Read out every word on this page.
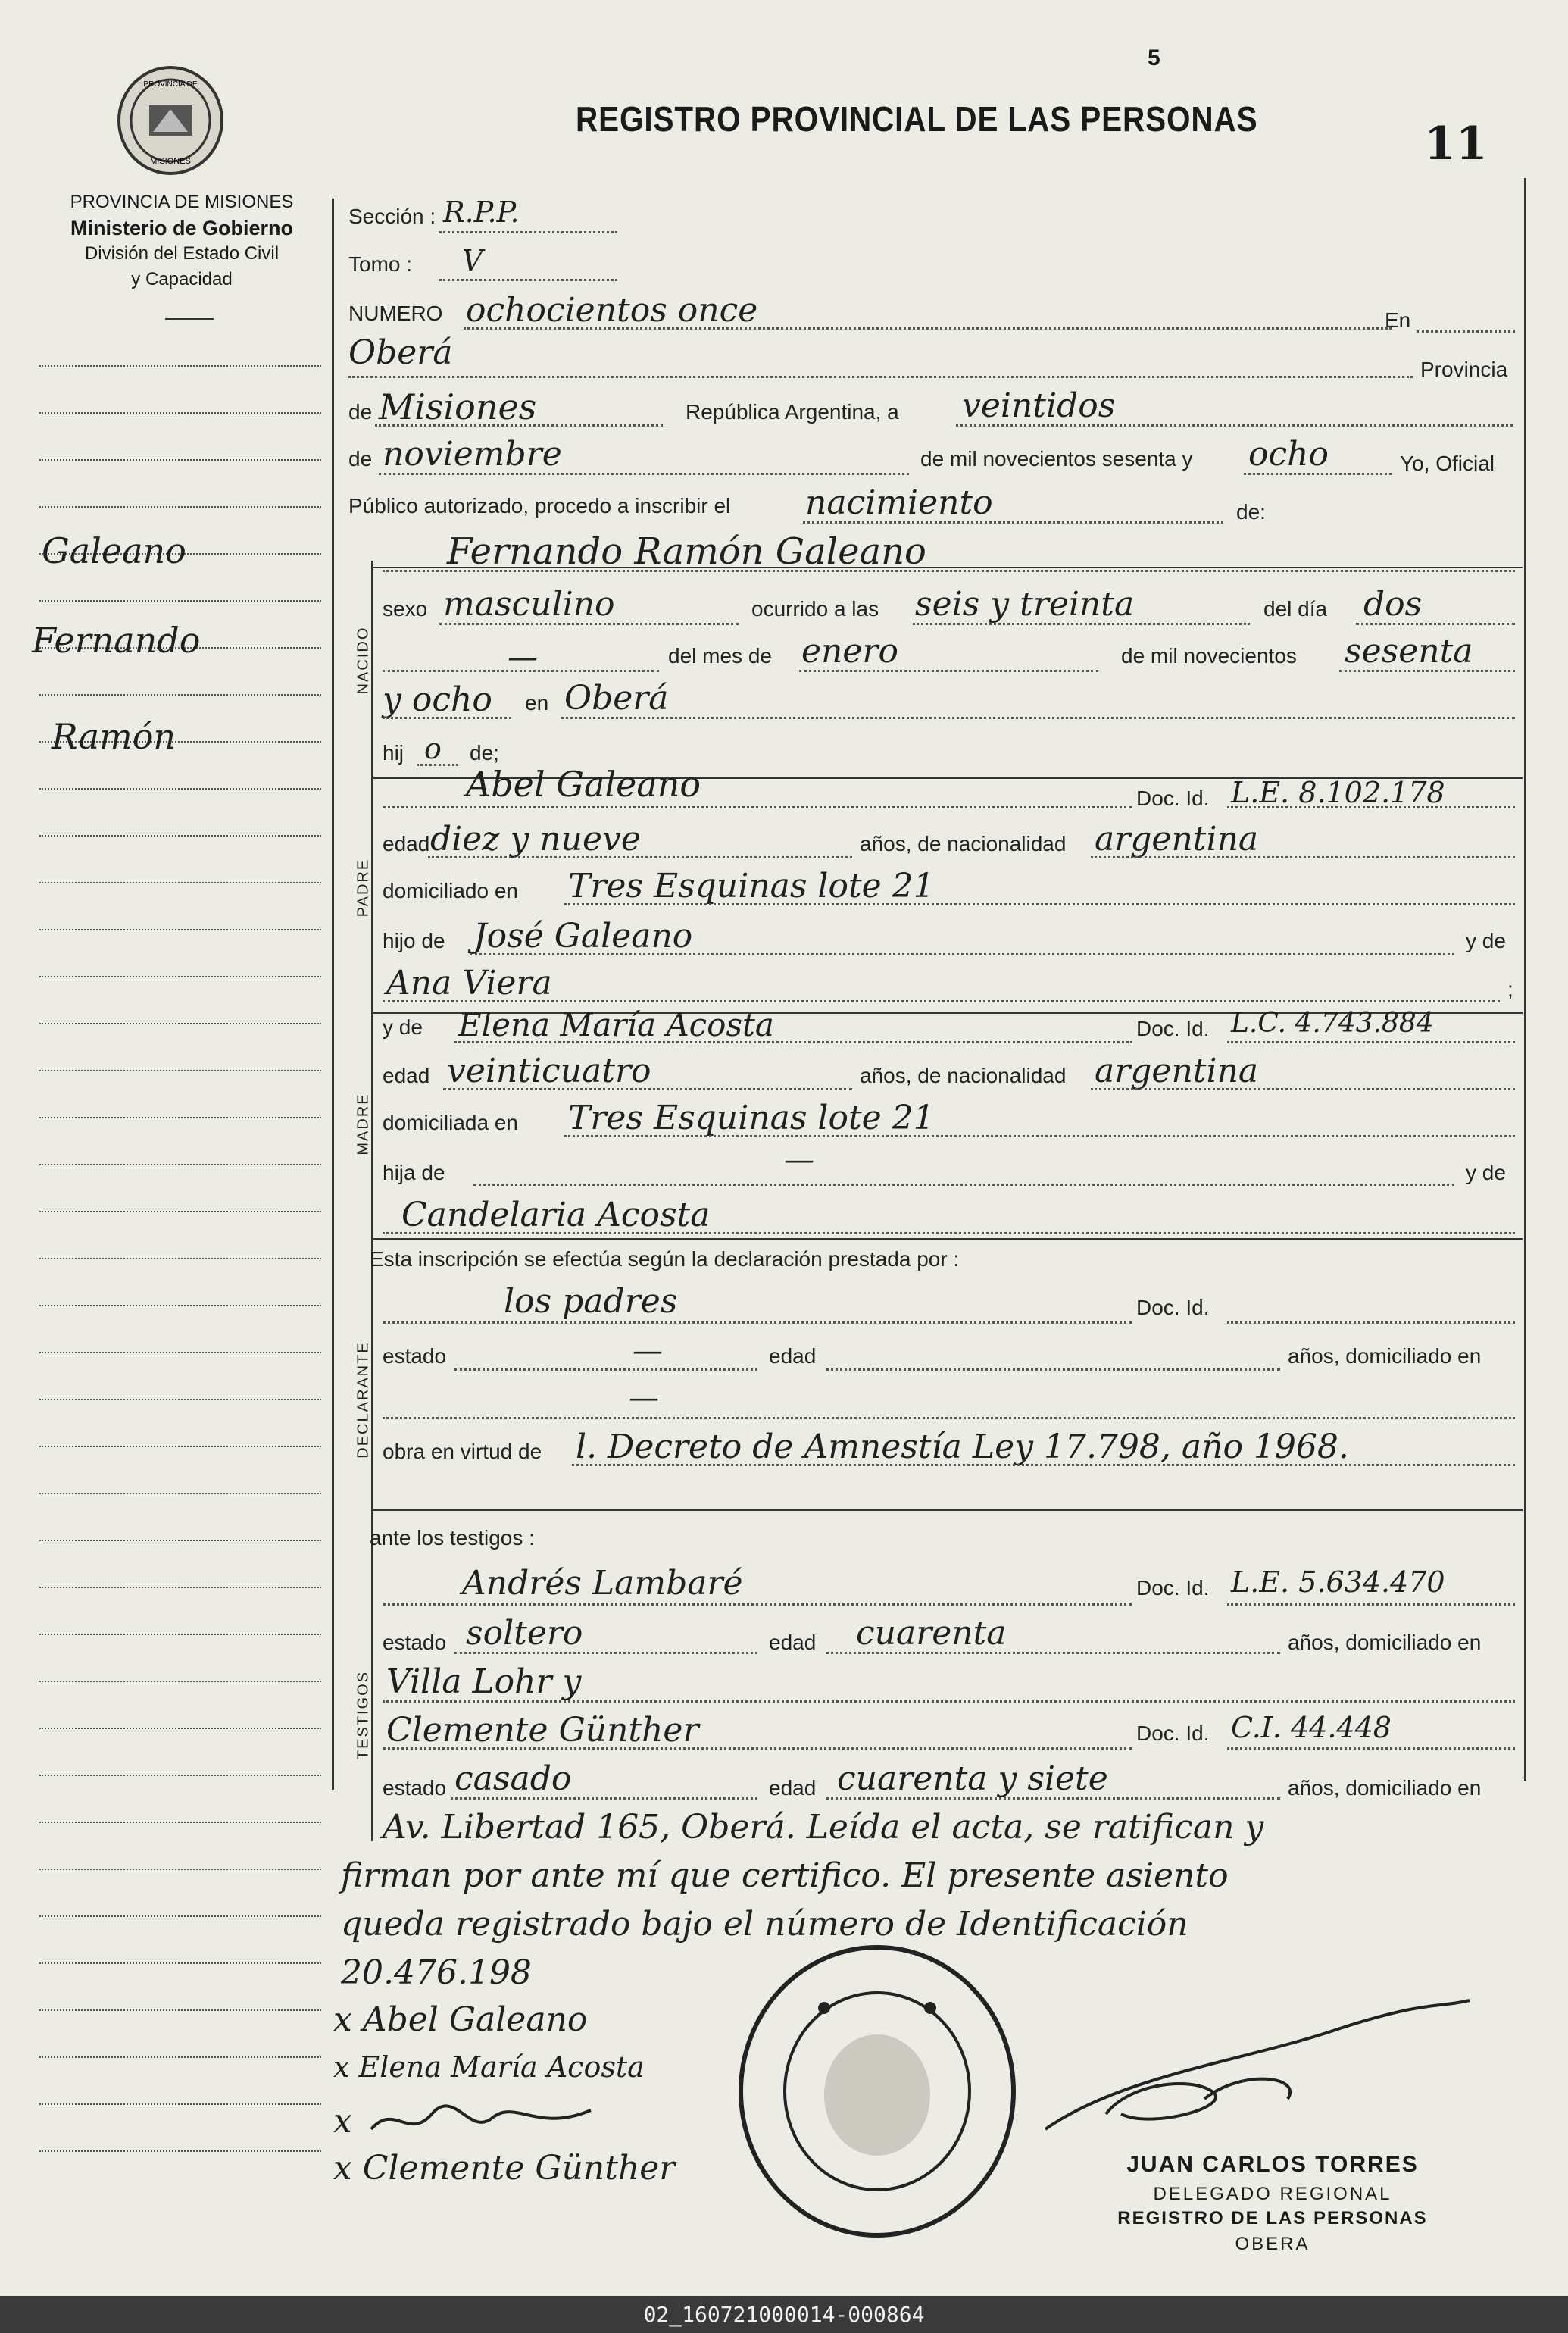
PROVINCIA DE
MISIONES
5
REGISTRO PROVINCIAL DE LAS PERSONAS	11
PROVINCIA DE MISIONES
Ministerio de Gobierno
División del Estado Civil
y Capacidad
Galeano
Fernando
Ramón
Sección : R.P.P.
Tomo : V
NUMERO ochocientos once	En
Oberá	Provincia
de Misiones	República Argentina, a veintidos
de noviembre	de mil novecientos sesenta y ocho	Yo, Oficial
Público autorizado, procedo a inscribir el nacimiento	de:
NACIDO
Fernando Ramón Galeano
sexo masculino	ocurrido a las seis y treinta	del día dos
—	del mes de enero	de mil novecientos sesenta
y ocho en Oberá
hij o de;
PADRE
Abel Galeano	Doc. Id. L.E. 8.102.178
edad diez y nueve	años, de nacionalidad argentina
domiciliado en Tres Esquinas lote 21
hijo de José Galeano	y de
Ana Viera	;
MADRE
y de Elena María Acosta	Doc. Id. L.C. 4.743.884
edad veinticuatro	años, de nacionalidad argentina
domiciliada en Tres Esquinas lote 21
hija de	—	y de
Candelaria Acosta
Esta inscripción se efectúa según la declaración prestada por :
DECLARANTE
los padres	Doc. Id.
estado	—	edad	años, domiciliado en
—
obra en virtud de l. Decreto de Amnestía Ley 17.798, año 1968.
ante los testigos :
TESTIGOS
Andrés Lambaré	Doc. Id. L.E. 5.634.470
estado soltero	edad cuarenta	años, domiciliado en
Villa Lohr y
Clemente Günther	Doc. Id. C.I. 44.448
estado casado	edad cuarenta y siete	años, domiciliado en
Av. Libertad 165, Oberá. Leída el acta, se ratifican y
firman por ante mí que certifico. El presente asiento
queda registrado bajo el número de Identificación
20.476.198
x Abel Galeano
x Elena María Acosta
x
x Clemente Günther	JUAN CARLOS TORRES
DELEGADO REGIONAL
REGISTRO DE LAS PERSONAS
OBERA
02_160721000014-000864
